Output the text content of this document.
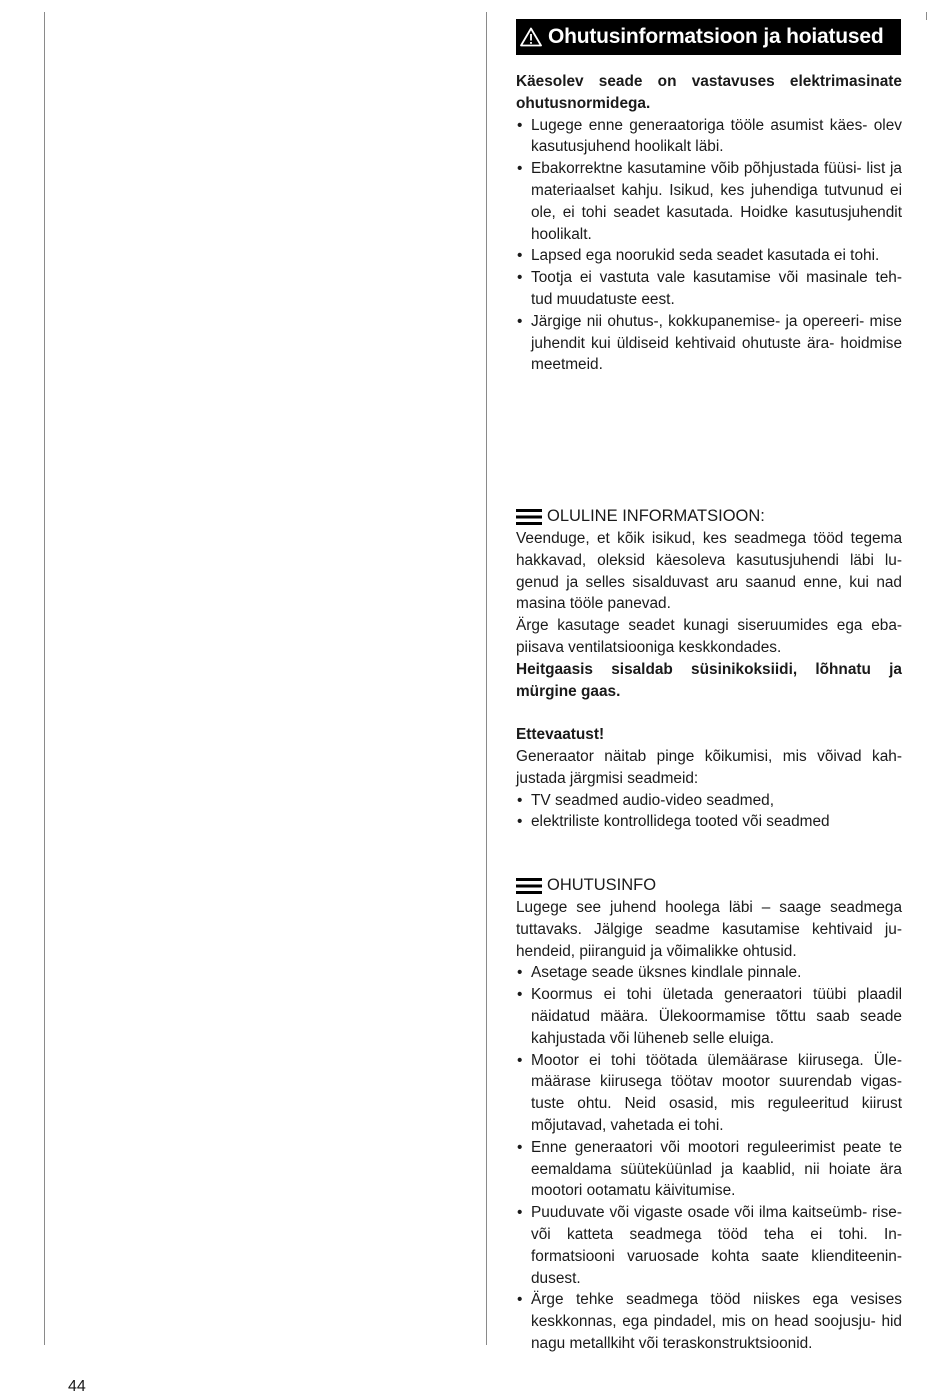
Ohutusinformatsioon ja hoiatused

Käesolev seade on vastavuses elektrimasinate ohutusnormidega.

• Lugege enne generaatoriga tööle asumist käes- olev kasutusjuhend hoolikalt läbi.
• Ebakorrektne kasutamine võib põhjustada füüsi- list ja materiaalset kahju. Isikud, kes juhendiga tutvunud ei ole, ei tohi seadet kasutada. Hoidke kasutusjuhendit hoolikalt.
• Lapsed ega noorukid seda seadet kasutada ei tohi.
• Tootja ei vastuta vale kasutamise või masinale teh- tud muudatuste eest.
• Järgige nii ohutus-, kokkupanemise- ja opereeri- mise juhendit kui üldiseid kehtivaid ohutuste ära- hoidmise meetmeid.
OLULINE INFORMATSIOON:

Veenduge, et kõik isikud, kes seadmega tööd tegema hakkavad, oleksid käesoleva kasutusjuhendi läbi lu- genud ja selles sisalduvast aru saanud enne, kui nad masina tööle panevad.

Ärge kasutage seadet kunagi siseruumides ega eba- piisava ventilatsiooniga keskkondades.

Heitgaasis sisaldab süsinikoksiidi, lõhnatu ja mürgine gaas.

Ettevaatust!

Generaator näitab pinge kõikumisi, mis võivad kah- justada järgmisi seadmeid:

• TV seadmed audio-video seadmed,
• elektriliste kontrollidega tooted või seadmed
OHUTUSINFO

Lugege see juhend hoolega läbi – saage seadmega tuttavaks. Jälgige seadme kasutamise kehtivaid ju- hendeid, piiranguid ja võimalikke ohtusid.

• Asetage seade üksnes kindlale pinnale.
• Koormus ei tohi ületada generaatori tüübi plaadil näidatud määra. Ülekoormamise tõttu saab seade kahjustada või lüheneb selle eluiga.
• Mootor ei tohi töötada ülemäärase kiirusega. Üle- määrase kiirusega töötav mootor suurendab vigas- tuste ohtu. Neid osasid, mis reguleeritud kiirust mõjutavad, vahetada ei tohi.
• Enne generaatori või mootori reguleerimist peate te eemaldama süüteküünlad ja kaablid, nii hoiate ära mootori ootamatu käivitumise.
• Puuduvate või vigaste osade või ilma kaitseümb- rise- või katteta seadmega tööd teha ei tohi. In- formatsiooni varuosade kohta saate klienditeenin- dusest.
• Ärge tehke seadmega tööd niiskes ega vesises keskkonnas, ega pindadel, mis on head soojusju- hid nagu metallkiht või teraskonstruktsioonid.
44
